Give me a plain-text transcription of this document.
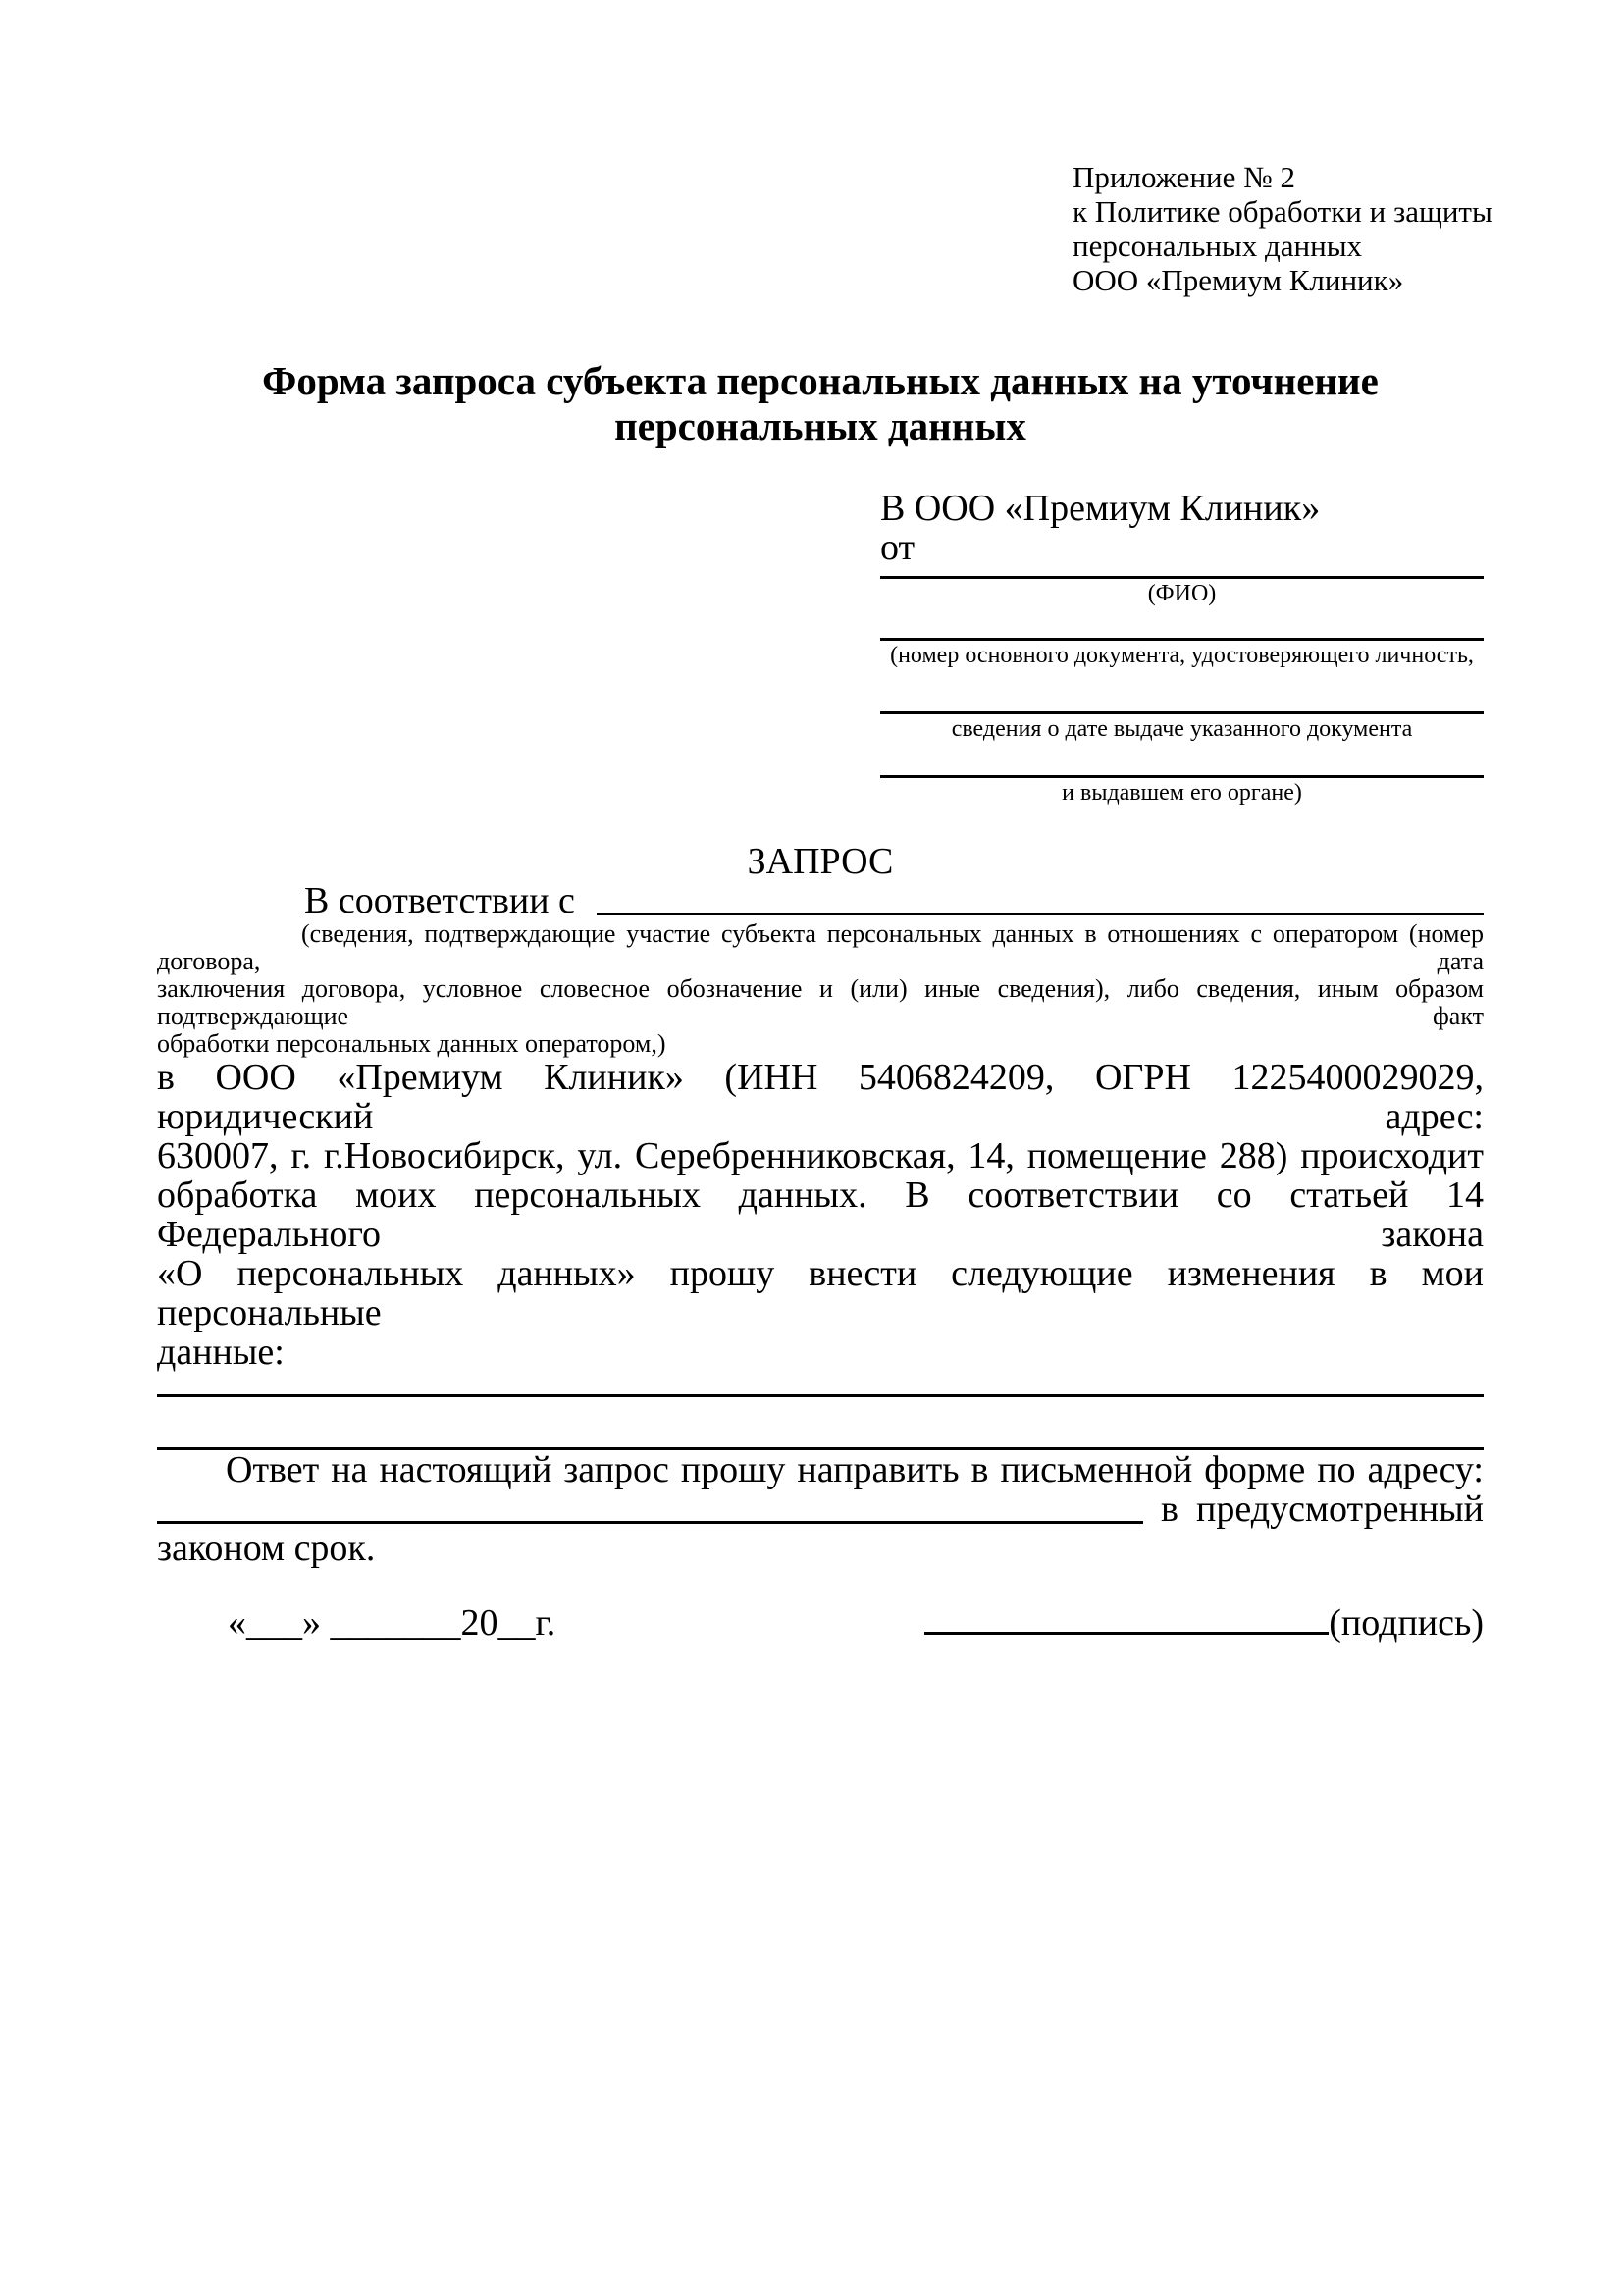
Приложение № 2
к Политике обработки и защиты
персональных данных
ООО «Премиум Клиник»
Форма запроса субъекта персональных данных на уточнение
персональных данных
В ООО «Премиум Клиник»
от
(ФИО)
(номер основного документа, удостоверяющего личность,
сведения о дате выдаче указанного документа
и выдавшем его органе)
ЗАПРОС
В соответствии с
(сведения, подтверждающие участие субъекта персональных данных в отношениях с оператором (номер договора, дата
заключения договора, условное словесное обозначение и (или) иные сведения), либо сведения, иным образом подтверждающие факт
обработки персональных данных оператором,)
в ООО «Премиум Клиник» (ИНН 5406824209, ОГРН 1225400029029, юридический адрес:
630007, г. г.Новосибирск, ул. Серебренниковская, 14, помещение 288) происходит
обработка моих персональных данных. В соответствии со статьей 14 Федерального закона
«О персональных данных» прошу внести следующие изменения в мои персональные
данные:
Ответ на настоящий запрос прошу направить в письменной форме по адресу:
в предусмотренный
законом срок.
«___» _______20__г.	(подпись)
